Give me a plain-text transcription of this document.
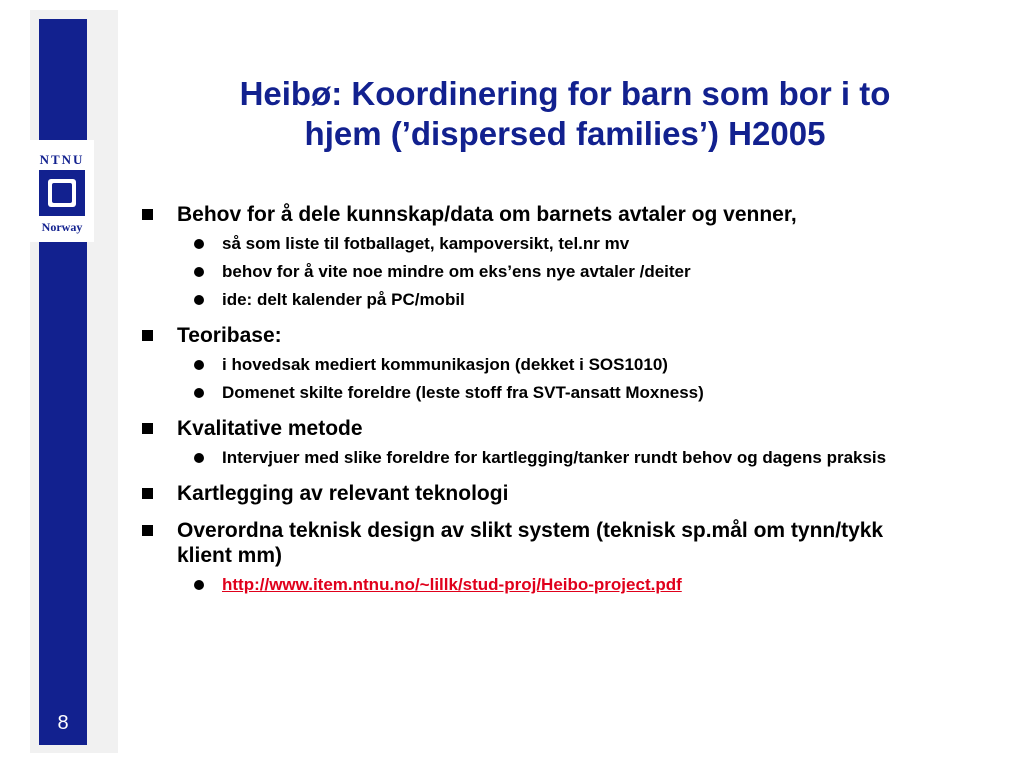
NTNU
Norway
8
Heibø: Koordinering for barn som bor i to
hjem (’dispersed families’) H2005
Behov for å dele kunnskap/data om barnets avtaler og venner,
så som liste til fotballaget, kampoversikt, tel.nr mv
behov for å vite noe mindre om eks’ens nye avtaler /deiter
ide: delt kalender på PC/mobil
Teoribase:
i hovedsak mediert kommunikasjon (dekket i SOS1010)
Domenet skilte foreldre (leste stoff fra SVT-ansatt Moxness)
Kvalitative metode
Intervjuer med slike foreldre for kartlegging/tanker rundt behov og dagens praksis
Kartlegging av relevant teknologi
Overordna teknisk design av slikt system (teknisk sp.mål om tynn/tykk klient mm)
http://www.item.ntnu.no/~lillk/stud-proj/Heibo-project.pdf
